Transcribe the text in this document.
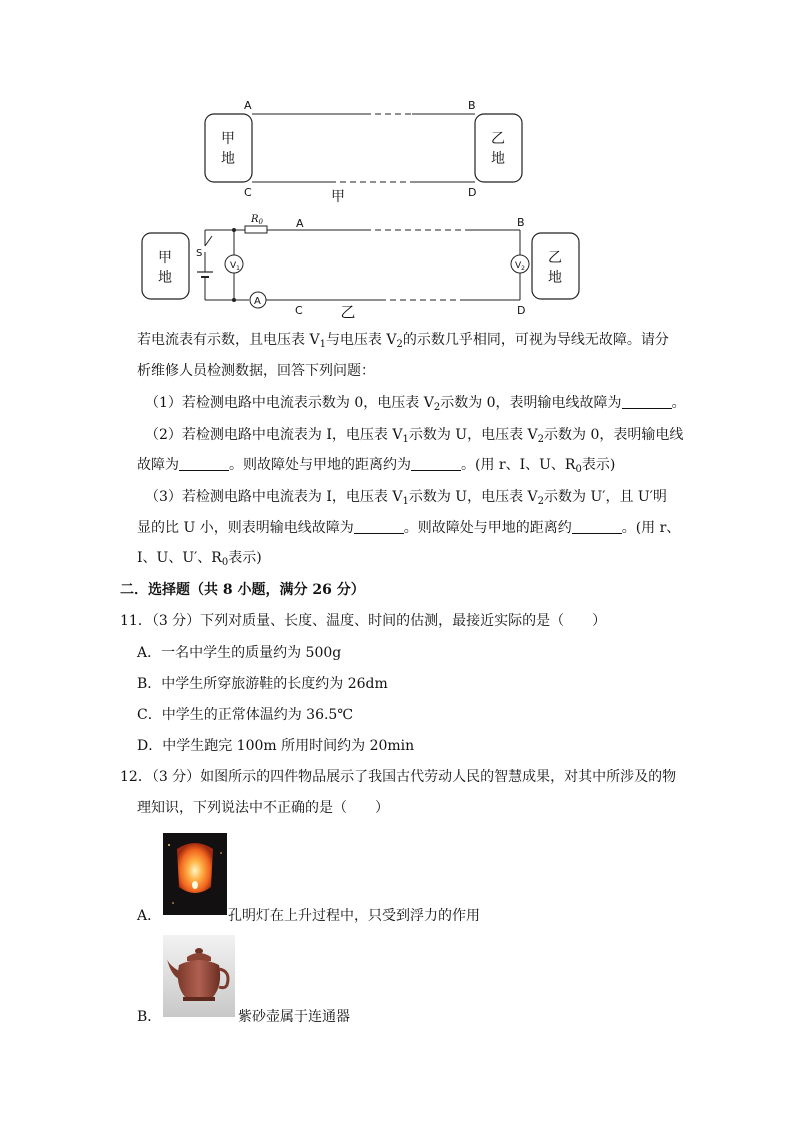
甲
地
乙
地
A	B
C	D
甲
甲
地
乙
地
S
$V_1$
$R_0$	A	B
A
C	D
乙
$V_2$
若电流表有示数，且电压表 $V_1$与电压表 $V_2$的示数几乎相同，可视为导线无故障。请分
析维修人员检测数据，回答下列问题：
（1）若检测电路中电流表示数为 0，电压表 $V_2$示数为 0，表明输电线故障为	。
（2）若检测电路中电流表为 I，电压表 $V_1$示数为 U，电压表 $V_2$示数为 0，表明输电线
故障为	。则故障处与甲地的距离约为	。(用 r、I、U、$R_0$表示)
（3）若检测电路中电流表为 I，电压表 $V_1$示数为 U，电压表 $V_2$示数为 U′，且 U′明
显的比 U 小，则表明输电线故障为	。则故障处与甲地的距离约	。(用 r、
I、U、U′、$R_0$表示)
二．选择题（共 8 小题，满分 26 分）
11．（3 分）下列对质量、长度、温度、时间的估测，最接近实际的是（　　）
A．一名中学生的质量约为 500g
B．中学生所穿旅游鞋的长度约为 26dm
C．中学生的正常体温约为 36.5℃
D．中学生跑完 100m 所用时间约为 20min
12．（3 分）如图所示的四件物品展示了我国古代劳动人民的智慧成果，对其中所涉及的物
理知识，下列说法中不正确的是（　　）
A．	孔明灯在上升过程中，只受到浮力的作用
B．	紫砂壶属于连通器
